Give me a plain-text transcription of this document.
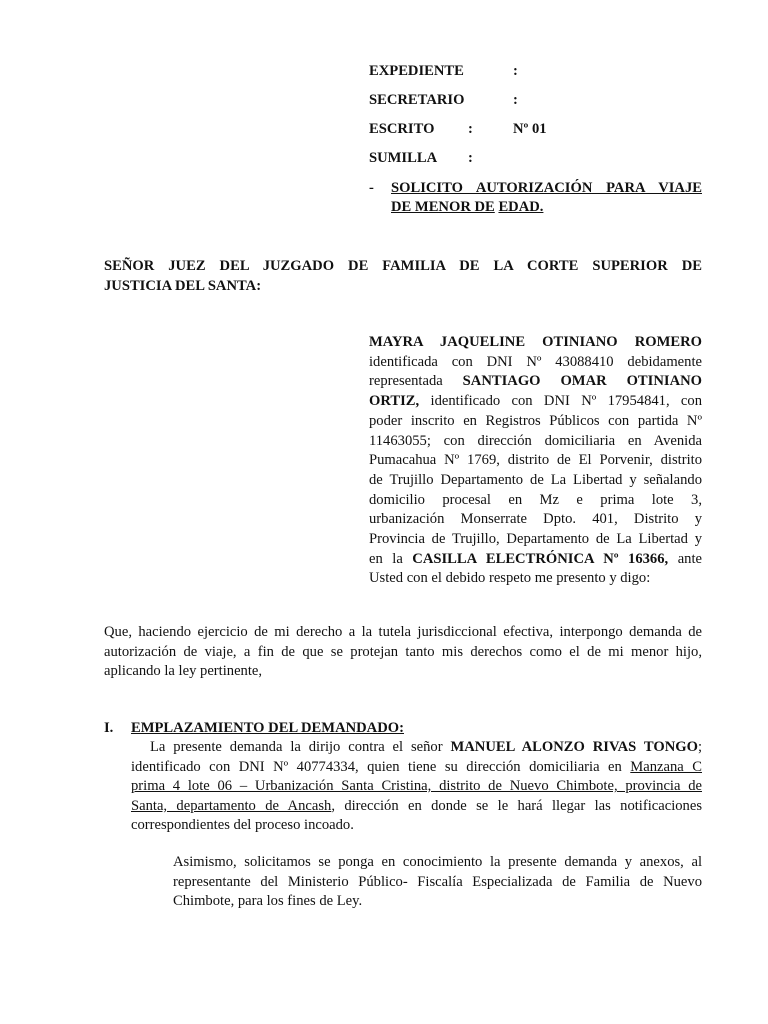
EXPEDIENTE	:
SECRETARIO	:
ESCRITO :	Nº 01
SUMILLA :
- SOLICITO AUTORIZACIÓN PARA VIAJE
DE MENOR DE EDAD.
SEÑOR JUEZ DEL JUZGADO DE FAMILIA DE LA CORTE SUPERIOR DE
JUSTICIA DEL SANTA:
MAYRA JAQUELINE OTINIANO ROMERO
identificada con DNI Nº 43088410 debidamente
representada SANTIAGO OMAR OTINIANO
ORTIZ, identificado con DNI Nº 17954841, con
poder inscrito en Registros Públicos con partida Nº
11463055; con dirección domiciliaria en Avenida
Pumacahua Nº 1769, distrito de El Porvenir, distrito
de Trujillo Departamento de La Libertad y señalando
domicilio procesal en Mz e prima lote 3,
urbanización Monserrate Dpto. 401, Distrito y
Provincia de Trujillo, Departamento de La Libertad y
en la CASILLA ELECTRÓNICA Nº 16366, ante
Usted con el debido respeto me presento y digo:
Que, haciendo ejercicio de mi derecho a la tutela jurisdiccional efectiva, interpongo demanda de
autorización de viaje, a fin de que se protejan tanto mis derechos como el de mi menor hijo,
aplicando la ley pertinente,
I. EMPLAZAMIENTO DEL DEMANDADO:
La presente demanda la dirijo contra el señor MANUEL ALONZO RIVAS TONGO;
identificado con DNI Nº 40774334, quien tiene su dirección domiciliaria en Manzana C
prima 4 lote 06 – Urbanización Santa Cristina, distrito de Nuevo Chimbote, provincia de
Santa, departamento de Ancash, dirección en donde se le hará llegar las notificaciones
correspondientes del proceso incoado.
Asimismo, solicitamos se ponga en conocimiento la presente demanda y anexos, al
representante del Ministerio Público- Fiscalía Especializada de Familia de Nuevo
Chimbote, para los fines de Ley.
